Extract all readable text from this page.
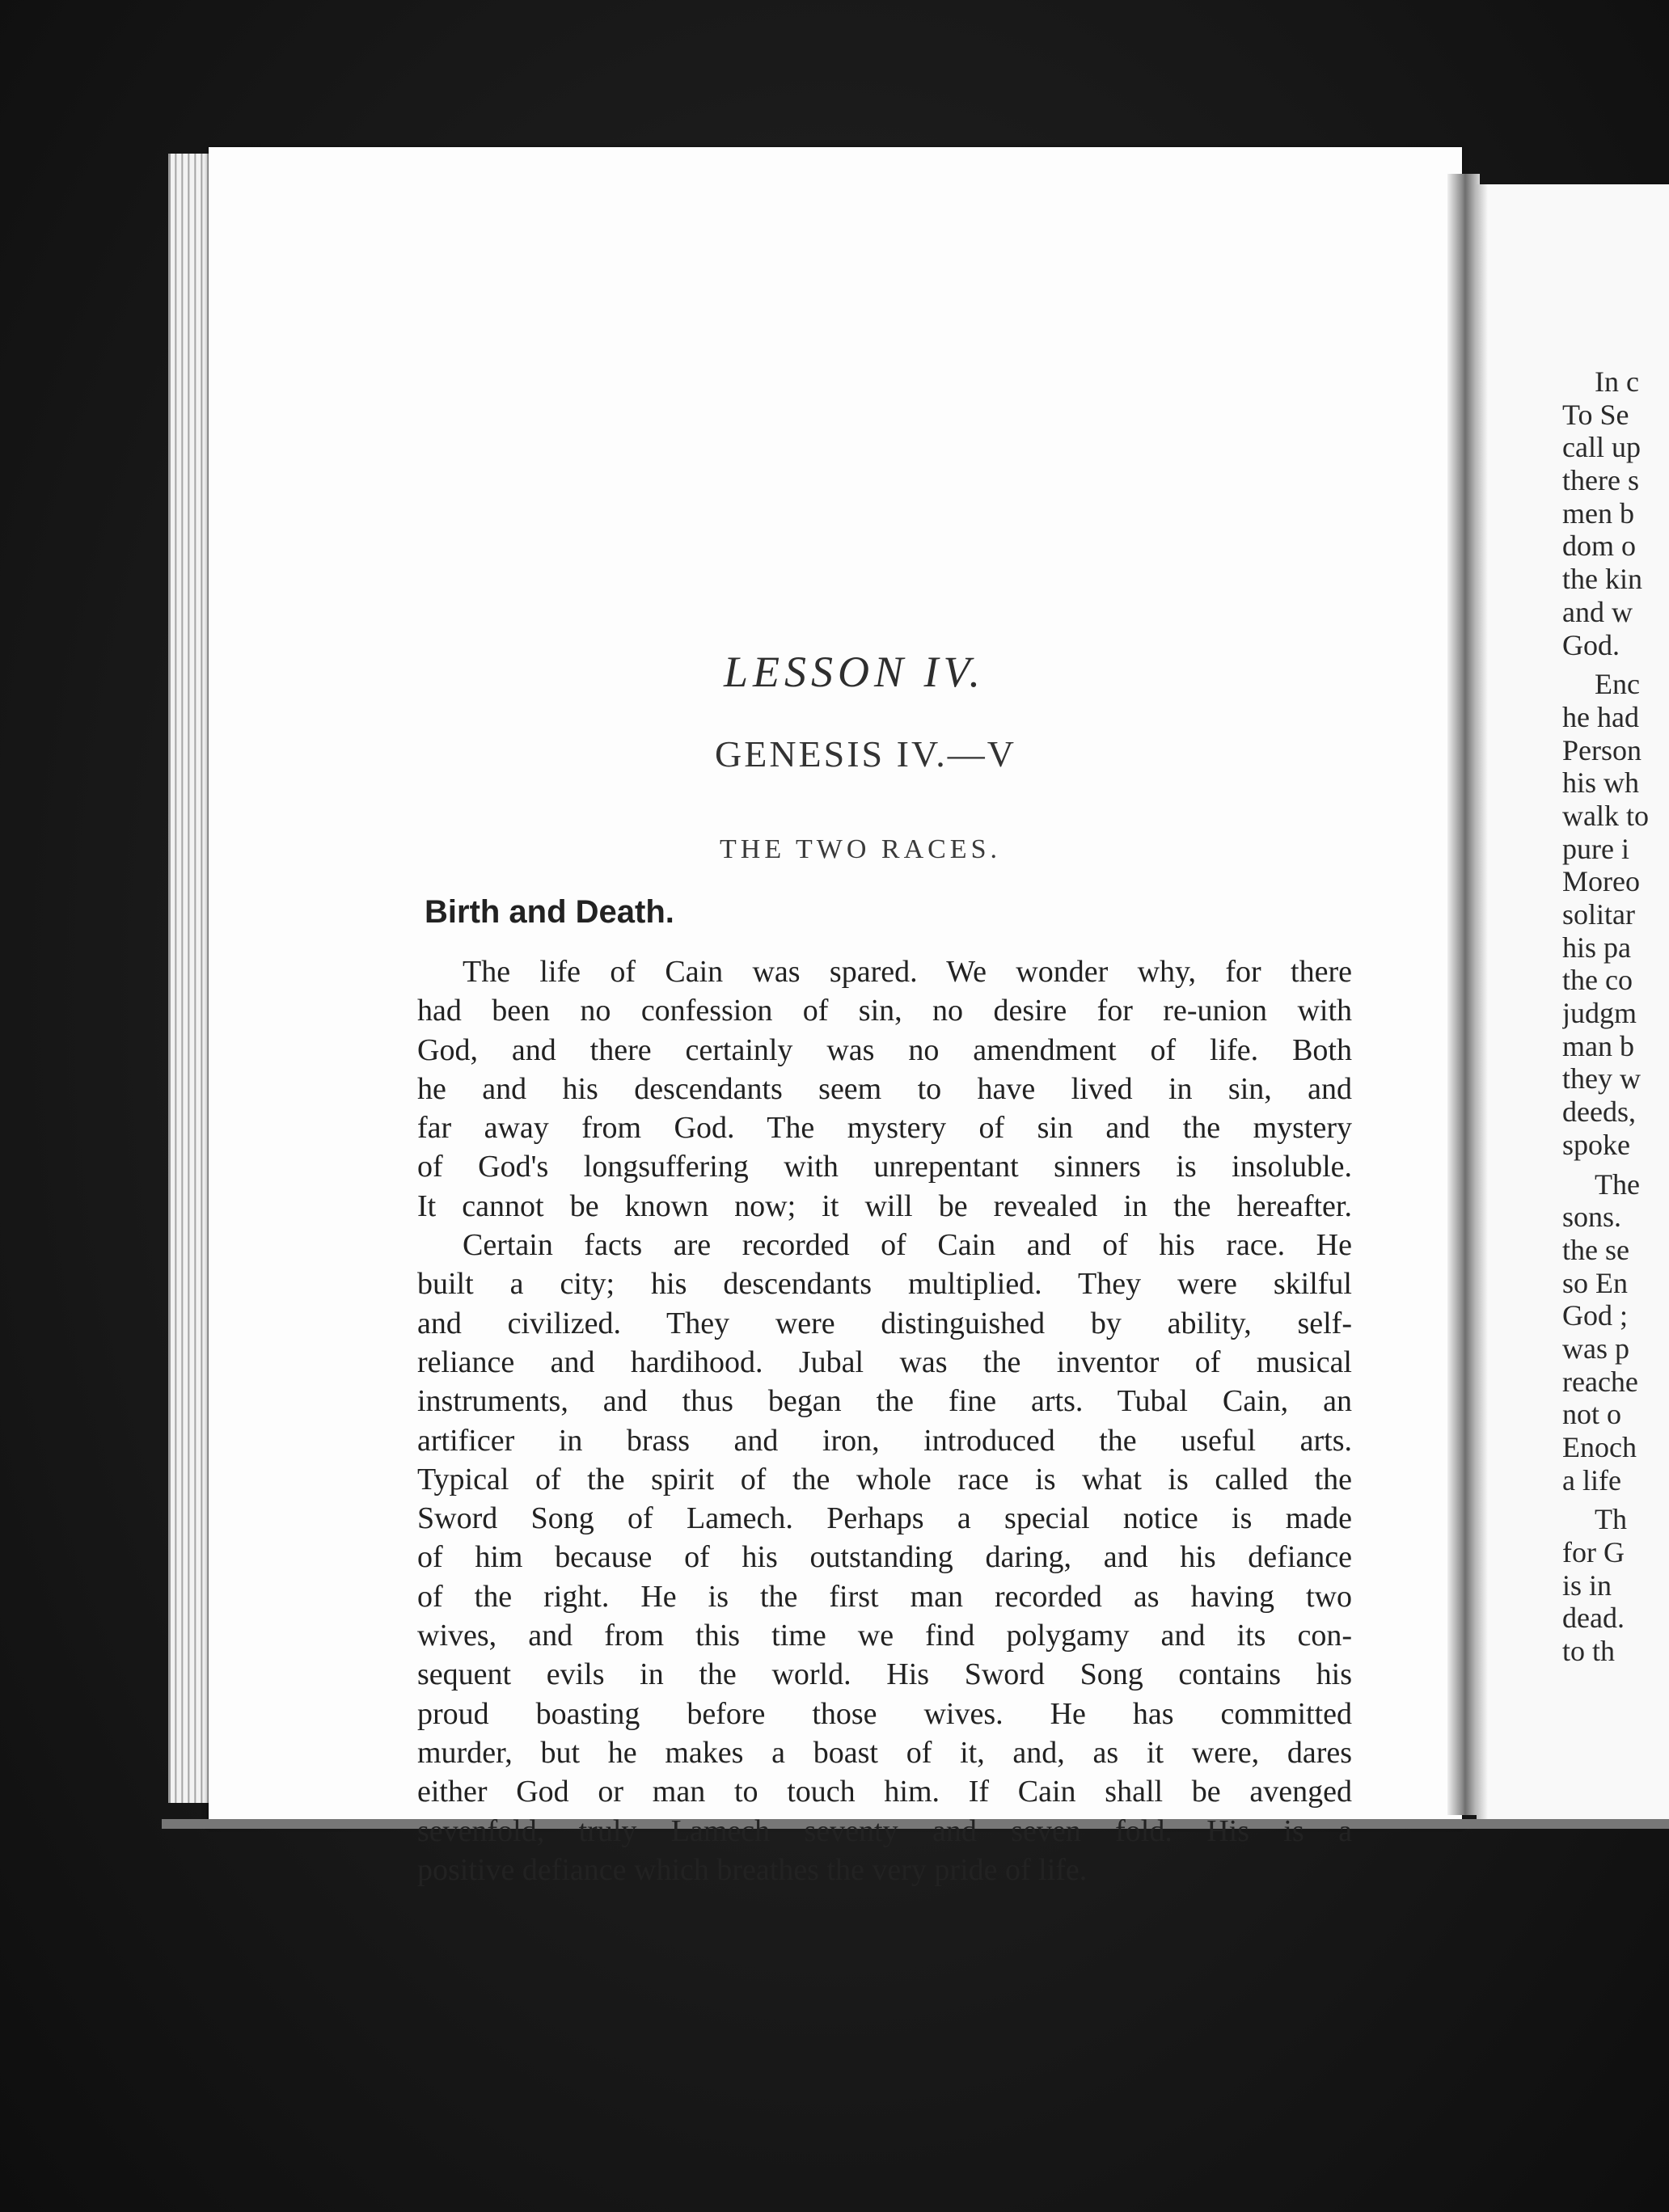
LESSON IV.
GENESIS IV.—V
THE TWO RACES.
Birth and Death.
The life of Cain was spared. We wonder why, for there
had been no confession of sin, no desire for re-union with
God, and there certainly was no amendment of life. Both
he and his descendants seem to have lived in sin, and
far away from God. The mystery of sin and the mystery
of God's longsuffering with unrepentant sinners is insoluble.
It cannot be known now; it will be revealed in the hereafter.
Certain facts are recorded of Cain and of his race. He
built a city; his descendants multiplied. They were skilful
and civilized. They were distinguished by ability, self-
reliance and hardihood. Jubal was the inventor of musical
instruments, and thus began the fine arts. Tubal Cain, an
artificer in brass and iron, introduced the useful arts.
Typical of the spirit of the whole race is what is called the
Sword Song of Lamech. Perhaps a special notice is made
of him because of his outstanding daring, and his defiance
of the right. He is the first man recorded as having two
wives, and from this time we find polygamy and its con-
sequent evils in the world. His Sword Song contains his
proud boasting before those wives. He has committed
murder, but he makes a boast of it, and, as it were, dares
either God or man to touch him. If Cain shall be avenged
sevenfold, truly Lamech seventy and seven fold. His is a
positive defiance which breathes the very pride of life.
In c
To Se
call up
there s
men b
dom o
the kin
and w
God.
Enc
he had
Person
his wh
walk to
pure i
Moreo
solitar
his pa
the co
judgm
man b
they w
deeds,
spoke
The
sons.
the se
so En
God ;
was p
reache
not o
Enoch
a life
Th
for G
is in
dead.
to th
